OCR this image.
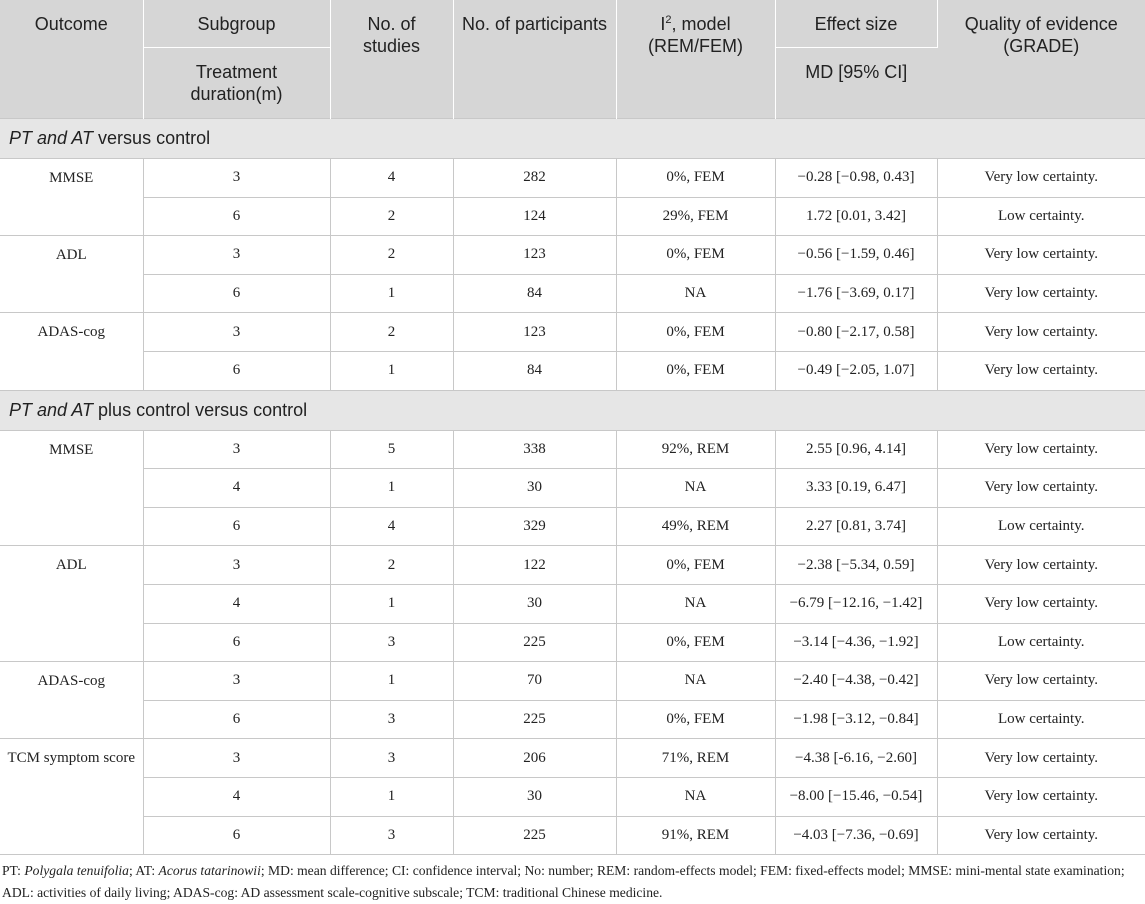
Outcome	Subgroup	No. of studies	No. of participants	$I^2$, model (REM/FEM)	Effect size	Quality of evidence (GRADE)
	Treatment duration(m)				MD [95% CI]	
PT and AT versus control						
MMSE	3	4	282	0%, FEM	−0.28 [−0.98, 0.43]	Very low certainty.
	6	2	124	29%, FEM	1.72 [0.01, 3.42]	Low certainty.
ADL	3	2	123	0%, FEM	−0.56 [−1.59, 0.46]	Very low certainty.
	6	1	84	NA	−1.76 [−3.69, 0.17]	Very low certainty.
ADAS-cog	3	2	123	0%, FEM	−0.80 [−2.17, 0.58]	Very low certainty.
	6	1	84	0%, FEM	−0.49 [−2.05, 1.07]	Very low certainty.
PT and AT plus control versus control						
MMSE	3	5	338	92%, REM	2.55 [0.96, 4.14]	Very low certainty.
	4	1	30	NA	3.33 [0.19, 6.47]	Very low certainty.
	6	4	329	49%, REM	2.27 [0.81, 3.74]	Low certainty.
ADL	3	2	122	0%, FEM	−2.38 [−5.34, 0.59]	Very low certainty.
	4	1	30	NA	−6.79 [−12.16, −1.42]	Very low certainty.
	6	3	225	0%, FEM	−3.14 [−4.36, −1.92]	Low certainty.
ADAS-cog	3	1	70	NA	−2.40 [−4.38, −0.42]	Very low certainty.
	6	3	225	0%, FEM	−1.98 [−3.12, −0.84]	Low certainty.
TCM symptom score	3	3	206	71%, REM	−4.38 [-6.16, −2.60]	Very low certainty.
	4	1	30	NA	−8.00 [−15.46, −0.54]	Very low certainty.
	6	3	225	91%, REM	−4.03 [−7.36, −0.69]	Very low certainty.
PT: Polygala tenuifolia; AT: Acorus tatarinowii; MD: mean difference; CI: confidence interval; No: number; REM: random-effects model; FEM: fixed-effects model; MMSE: mini-mental state examination; ADL: activities of daily living; ADAS-cog: AD assessment scale-cognitive subscale; TCM: traditional Chinese medicine.
